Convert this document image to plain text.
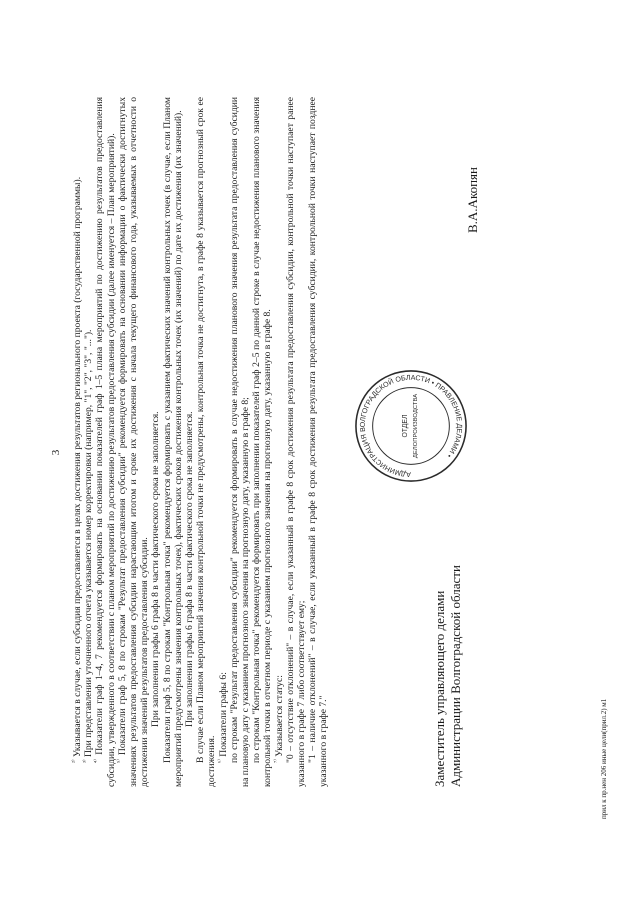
3

$^{^{2)}}$ Указывается в случае, если субсидия предоставляется в целях достижения результатов регионального проекта (государственной программы).

$^{^{3)}}$ При представлении уточненного отчета указывается номер корректировки (например, "1", "2", "3", "...").

$^{^{4)}}$ Показатели граф 1–4, 7 рекомендуется формировать на основании показателей граф 1–5 плана мероприятий по достижению результатов предоставления субсидии, утвержденного в соответствии с планом мероприятий по достижению результатов предоставления субсидии (далее именуется – План мероприятий). $^{^{5)}}$ Показатели граф 5, 8 по строкам "Результат предоставления субсидии" рекомендуется формировать на основании информации о фактически достигнутых значениях результатов предоставления субсидии нарастающим итогом и сроке их достижения с начала текущего финансового года, указываемых в отчетности о достижении значений результатов предоставления субсидии. При заполнении графы 6 графа 8 в части фактического срока не заполняется. Показатели граф 5, 8 по строкам "Контрольная точка" рекомендуется формировать с указанием фактических значений контрольных точек (в случае, если Планом мероприятий предусмотрены значения контрольных точек), фактических сроков достижения контрольных точек (их значений) по дате их достижения (их значений). При заполнении графы 6 графа 8 в части фактического срока не заполняется. В случае если Планом мероприятий значения контрольной точки не предусмотрены, контрольная точка не достигнута, в графе 8 указывается прогнозный срок ее достижения. $^{^{6)}}$ Показатели графы 6: по строкам "Результат предоставления субсидии" рекомендуется формировать в случае недостижения планового значения результата предоставления субсидии на плановую дату с указанием прогнозного значения на прогнозную дату, указанную в графе 8; по строкам "Контрольная точка" рекомендуется формировать при заполнении показателей граф 2–5 по данной строке в случае недостижения планового значения контрольной точки в отчетном периоде с указанием прогнозного значения на прогнозную дату, указанную в графе 8. $^{^{7)}}$ Указывается статус: "0 – отсутствие отклонений" – в случае, если указанный в графе 8 срок достижения результата предоставления субсидии, контрольной точки наступает ранее указанного в графе 7 либо соответствует ему; "1 – наличие отклонений" – в случае, если указанный в графе 8 срок достижения результата предоставления субсидии, контрольной точки наступает позднее указанного в графе 7."	Заместитель управляющего делами Администрации Волгоградской области
В.А.Акопян
АДМИНИСТРАЦИЯ ВОЛГОГРАДСКОЙ ОБЛАСТИ • ПРАВЛЕНИЕ ДЕЛАМИ •
ОТДЕЛ ДЕЛОПРОИЗВОДСТВА
прил к пр.нен 206 иные цели(прил.2) м1
